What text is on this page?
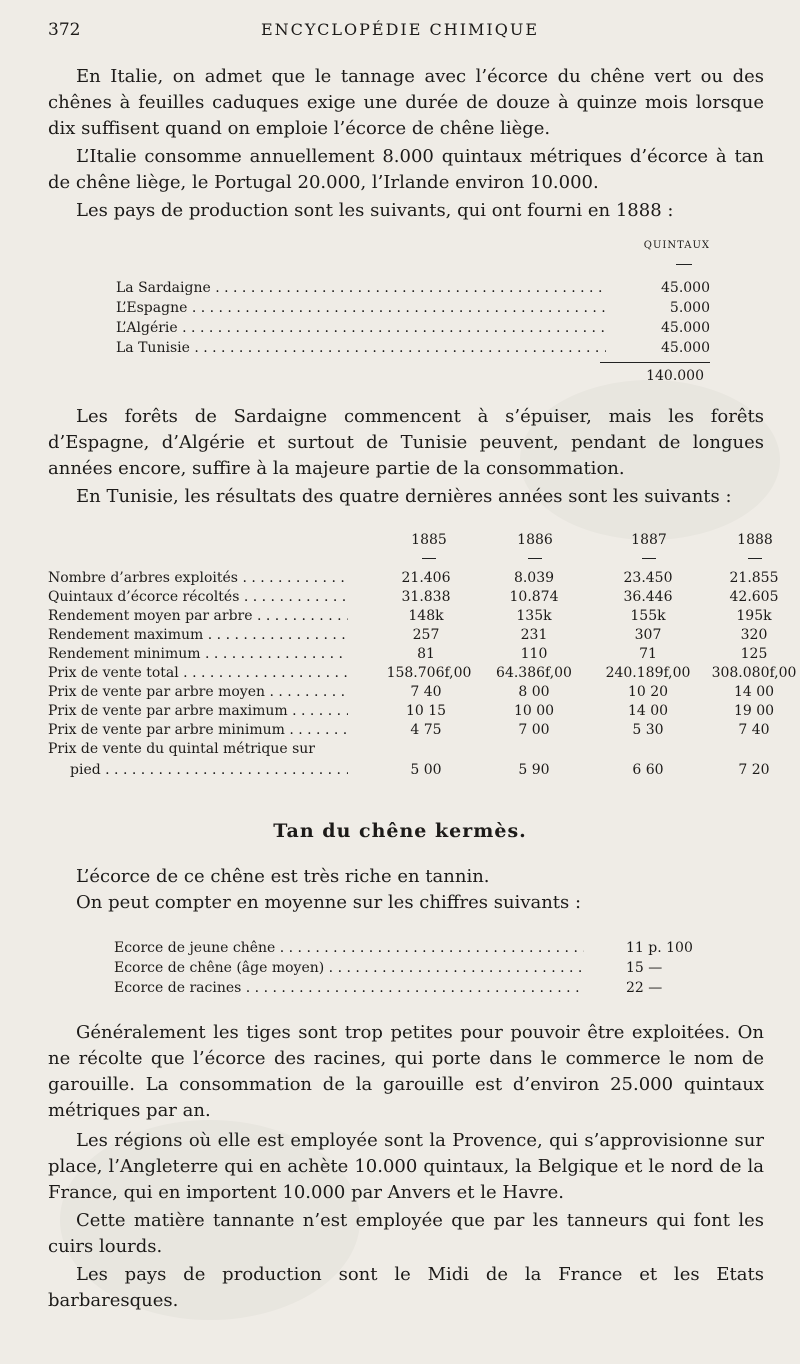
372	ENCYCLOPÉDIE CHIMIQUE

En Italie, on admet que le tannage avec l’écorce du chêne vert ou des chênes à feuilles caduques exige une durée de douze à quinze mois lorsque dix suffisent quand on emploie l’écorce de chêne liège.

L’Italie consomme annuellement 8.000 quintaux métriques d’écorce à tan de chêne liège, le Portugal 20.000, l’Irlande environ 10.000.

Les pays de production sont les suivants, qui ont fourni en 1888 :

QUINTAUX
La Sardaigne . . .	45.000
L’Espagne . . .	5.000
L’Algérie . . .	45.000
La Tunisie . . .	45.000
140.000

Les forêts de Sardaigne commencent à s’épuiser, mais les forêts d’Espagne, d’Algérie et surtout de Tunisie peuvent, pendant de longues années encore, suffire à la majeure partie de la consommation.

En Tunisie, les résultats des quatre dernières années sont les suivants :

1885	1886	1887	1888
Nombre d’arbres exploités . . .	21.406	8.039	23.450	21.855
Quintaux d’écorce récoltés . . .	31.838	10.874	36.446	42.605
Rendement moyen par arbre . . .	148k	135k	155k	195k
Rendement maximum . . .	257	231	307	320
Rendement minimum . . .	81	110	71	125
Prix de vente total . . .	158.706f,00	64.386f,00	240.189f,00	308.080f,00
Prix de vente par arbre moyen . . .	7 40	8 00	10 20	14 00
Prix de vente par arbre maximum . . .	10 15	10 00	14 00	19 00
Prix de vente par arbre minimum . . .	4 75	7 00	5 30	7 40
Prix de vente du quintal métrique sur
pied . . .	5 00	5 90	6 60	7 20
Tan du chêne kermès.

L’écorce de ce chêne est très riche en tannin.

On peut compter en moyenne sur les chiffres suivants :

Ecorce de jeune chêne . . .	11 p. 100
Ecorce de chêne (âge moyen) . . .	15 —
Ecorce de racines . . .	22 —

Généralement les tiges sont trop petites pour pouvoir être exploitées. On ne récolte que l’écorce des racines, qui porte dans le commerce le nom de garouille. La consommation de la garouille est d’environ 25.000 quintaux métriques par an.

Les régions où elle est employée sont la Provence, qui s’approvisionne sur place, l’Angleterre qui en achète 10.000 quintaux, la Belgique et le nord de la France, qui en importent 10.000 par Anvers et le Havre.

Cette matière tannante n’est employée que par les tanneurs qui font les cuirs lourds.

Les pays de production sont le Midi de la France et les Etats barbaresques.
